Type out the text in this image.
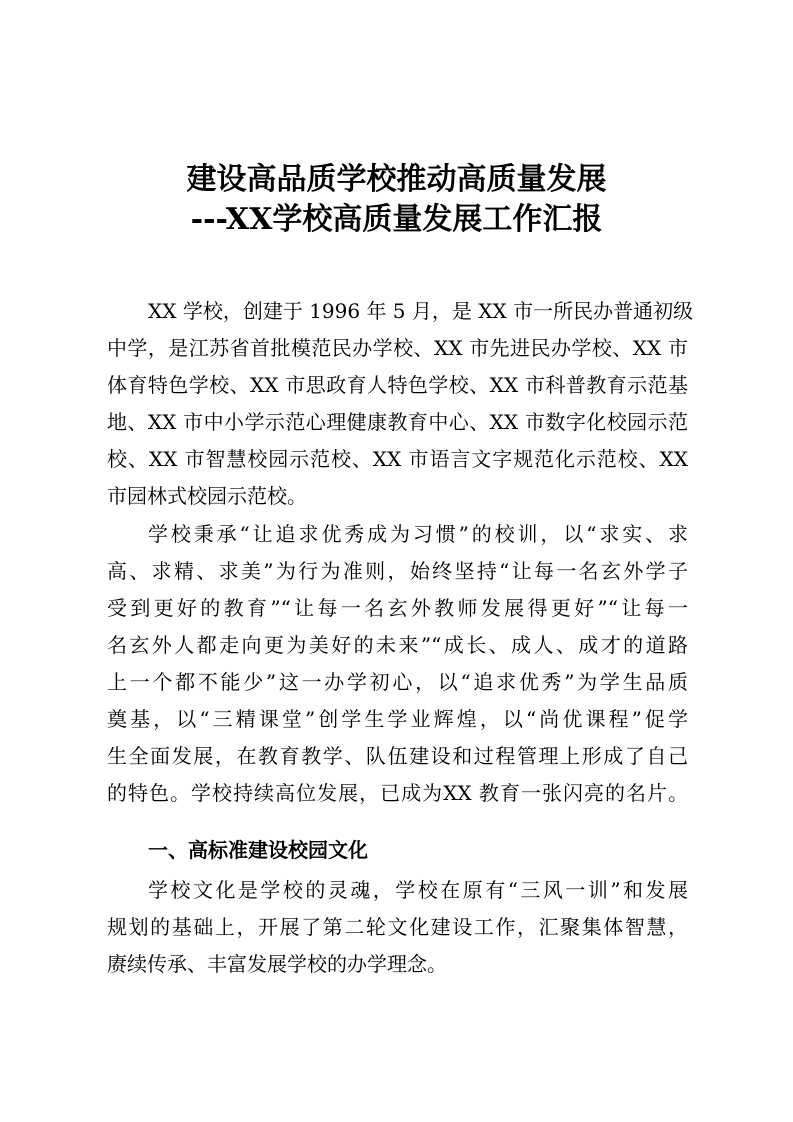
建设高品质学校推动高质量发展
---XX学校高质量发展工作汇报
XX 学校，创建于 1996 年 5 月，是 XX 市一所民办普通初级
中学，是江苏省首批模范民办学校、XX 市先进民办学校、XX 市
体育特色学校、XX 市思政育人特色学校、XX 市科普教育示范基
地、XX 市中小学示范心理健康教育中心、XX 市数字化校园示范
校、XX 市智慧校园示范校、XX 市语言文字规范化示范校、XX
市园林式校园示范校。
学校秉承“让追求优秀成为习惯”的校训，以“求实、求
高、求精、求美”为行为准则，始终坚持“让每一名玄外学子
受到更好的教育”“让每一名玄外教师发展得更好”“让每一
名玄外人都走向更为美好的未来”“成长、成人、成才的道路
上一个都不能少”这一办学初心，以“追求优秀”为学生品质
奠基，以“三精课堂”创学生学业辉煌，以“尚优课程”促学
生全面发展，在教育教学、队伍建设和过程管理上形成了自己
的特色。学校持续高位发展，已成为XX 教育一张闪亮的名片。
一、高标准建设校园文化
学校文化是学校的灵魂，学校在原有“三风一训”和发展
规划的基础上，开展了第二轮文化建设工作，汇聚集体智慧，
赓续传承、丰富发展学校的办学理念。
